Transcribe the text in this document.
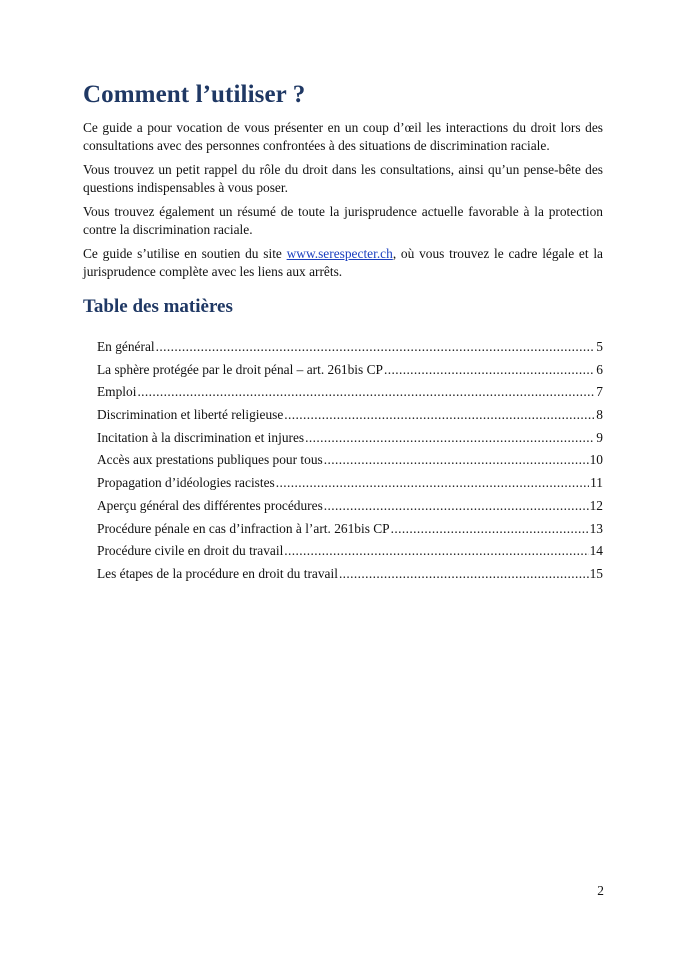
Comment l’utiliser ?

Ce guide a pour vocation de vous présenter en un coup d’œil les interactions du droit lors des consultations avec des personnes confrontées à des situations de discrimination raciale.

Vous trouvez un petit rappel du rôle du droit dans les consultations, ainsi qu’un pense-bête des questions indispensables à vous poser.

Vous trouvez également un résumé de toute la jurisprudence actuelle favorable à la protection contre la discrimination raciale.

Ce guide s’utilise en soutien du site www.serespecter.ch, où vous trouvez le cadre légale et la jurisprudence complète avec les liens aux arrêts.

Table des matières
En général .....	5
La sphère protégée par le droit pénal – art. 261bis CP .....	6
Emploi .....	7
Discrimination et liberté religieuse .....	8
Incitation à la discrimination et injures .....	9
Accès aux prestations publiques pour tous .....	10
Propagation d’idéologies racistes .....	11
Aperçu général des différentes procédures .....	12
Procédure pénale en cas d’infraction à l’art. 261bis CP .....	13
Procédure civile en droit du travail .....	14
Les étapes de la procédure en droit du travail .....	15
2
